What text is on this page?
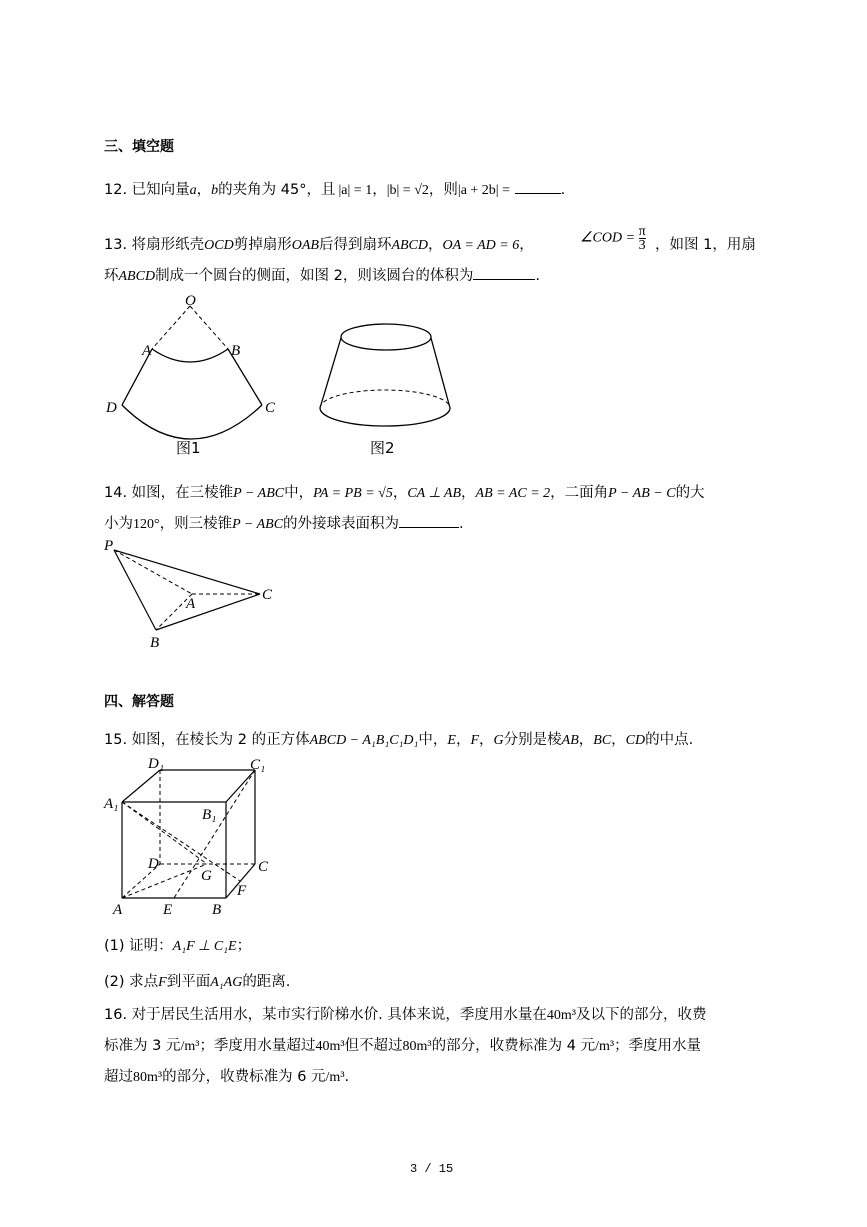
三、填空题
12. 已知向量a，b的夹角为 45°，且 |a| = 1，|b| = √2，则|a + 2b| =	.
13. 将扇形纸壳OCD剪掉扇形OAB后得到扇环ABCD，OA = AD = 6，	∠COD = $\frac{\pi}{3}$ ，如图 1，用扇
环ABCD制成一个圆台的侧面，如图 2，则该圆台的体积为	.
O
A	B
D	C
图1	图2
14. 如图，在三棱锥P − ABC中，PA = PB = √5，CA ⊥ AB，AB = AC = 2，二面角P − AB − C的大
小为120°，则三棱锥P − ABC的外接球表面积为	.
P
A
B
C
四、解答题
15. 如图，在棱长为 2 的正方体ABCD − A₁B₁C₁D₁中，E，F，G分别是棱AB，BC，CD的中点.
D₁	C₁
A₁
B₁
D	C
G
F
A	E	B
(1) 证明：A₁F ⊥ C₁E；
(2) 求点F到平面A₁AG的距离.
16. 对于居民生活用水，某市实行阶梯水价. 具体来说，季度用水量在40m³及以下的部分，收费
标准为 3 元/m³；季度用水量超过40m³但不超过80m³的部分，收费标准为 4 元/m³；季度用水量
超过80m³的部分，收费标准为 6 元/m³.
3 / 15
